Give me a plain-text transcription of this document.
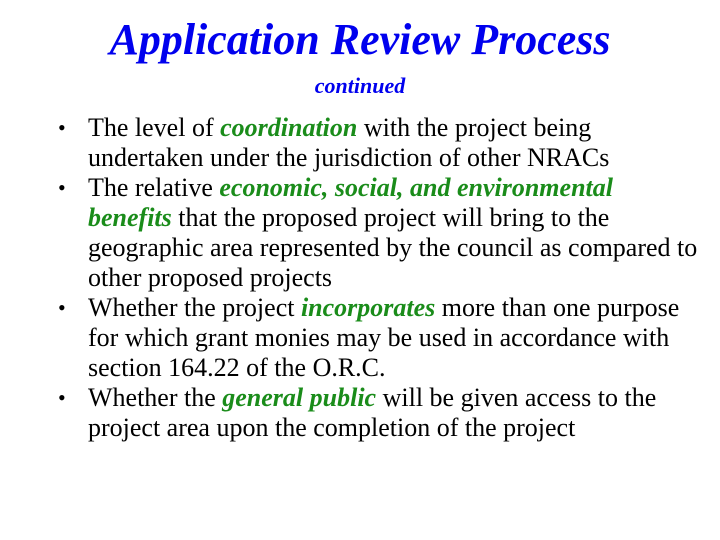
Application Review Process
continued
• The level of coordination with the project being undertaken under the jurisdiction of other NRACs
• The relative economic, social, and environmental benefits that the proposed project will bring to the geographic area represented by the council as compared to other proposed projects
• Whether the project incorporates more than one purpose for which grant monies may be used in accordance with section 164.22 of the O.R.C.
• Whether the general public will be given access to the project area upon the completion of the project
